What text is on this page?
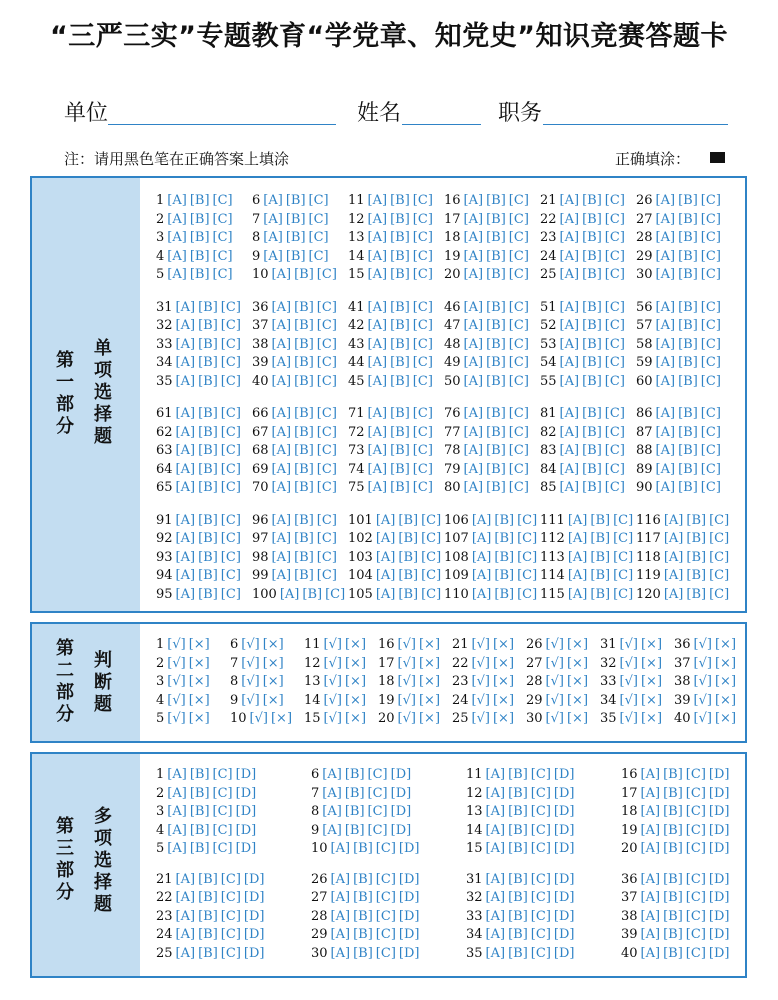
“三严三实”专题教育“学党章、知党史”知识竞赛答题卡
单位	姓名	职务
注：请用黑色笔在正确答案上填涂	正确填涂：
第一部分
单项选择题
1 [A] [B] [C]
2 [A] [B] [C]
3 [A] [B] [C]
4 [A] [B] [C]
5 [A] [B] [C]
6 [A] [B] [C]
7 [A] [B] [C]
8 [A] [B] [C]
9 [A] [B] [C]
10 [A] [B] [C]
11 [A] [B] [C]
12 [A] [B] [C]
13 [A] [B] [C]
14 [A] [B] [C]
15 [A] [B] [C]
16 [A] [B] [C]
17 [A] [B] [C]
18 [A] [B] [C]
19 [A] [B] [C]
20 [A] [B] [C]
21 [A] [B] [C]
22 [A] [B] [C]
23 [A] [B] [C]
24 [A] [B] [C]
25 [A] [B] [C]
26 [A] [B] [C]
27 [A] [B] [C]
28 [A] [B] [C]
29 [A] [B] [C]
30 [A] [B] [C]
31 [A] [B] [C]
32 [A] [B] [C]
33 [A] [B] [C]
34 [A] [B] [C]
35 [A] [B] [C]
36 [A] [B] [C]
37 [A] [B] [C]
38 [A] [B] [C]
39 [A] [B] [C]
40 [A] [B] [C]
41 [A] [B] [C]
42 [A] [B] [C]
43 [A] [B] [C]
44 [A] [B] [C]
45 [A] [B] [C]
46 [A] [B] [C]
47 [A] [B] [C]
48 [A] [B] [C]
49 [A] [B] [C]
50 [A] [B] [C]
51 [A] [B] [C]
52 [A] [B] [C]
53 [A] [B] [C]
54 [A] [B] [C]
55 [A] [B] [C]
56 [A] [B] [C]
57 [A] [B] [C]
58 [A] [B] [C]
59 [A] [B] [C]
60 [A] [B] [C]
61 [A] [B] [C]
62 [A] [B] [C]
63 [A] [B] [C]
64 [A] [B] [C]
65 [A] [B] [C]
66 [A] [B] [C]
67 [A] [B] [C]
68 [A] [B] [C]
69 [A] [B] [C]
70 [A] [B] [C]
71 [A] [B] [C]
72 [A] [B] [C]
73 [A] [B] [C]
74 [A] [B] [C]
75 [A] [B] [C]
76 [A] [B] [C]
77 [A] [B] [C]
78 [A] [B] [C]
79 [A] [B] [C]
80 [A] [B] [C]
81 [A] [B] [C]
82 [A] [B] [C]
83 [A] [B] [C]
84 [A] [B] [C]
85 [A] [B] [C]
86 [A] [B] [C]
87 [A] [B] [C]
88 [A] [B] [C]
89 [A] [B] [C]
90 [A] [B] [C]
91 [A] [B] [C]
92 [A] [B] [C]
93 [A] [B] [C]
94 [A] [B] [C]
95 [A] [B] [C]
96 [A] [B] [C]
97 [A] [B] [C]
98 [A] [B] [C]
99 [A] [B] [C]
100 [A] [B] [C]
101 [A] [B] [C]
102 [A] [B] [C]
103 [A] [B] [C]
104 [A] [B] [C]
105 [A] [B] [C]
106 [A] [B] [C]
107 [A] [B] [C]
108 [A] [B] [C]
109 [A] [B] [C]
110 [A] [B] [C]
111 [A] [B] [C]
112 [A] [B] [C]
113 [A] [B] [C]
114 [A] [B] [C]
115 [A] [B] [C]
116 [A] [B] [C]
117 [A] [B] [C]
118 [A] [B] [C]
119 [A] [B] [C]
120 [A] [B] [C]
第二部分
判断题
1 [√] [×]
2 [√] [×]
3 [√] [×]
4 [√] [×]
5 [√] [×]
6 [√] [×]
7 [√] [×]
8 [√] [×]
9 [√] [×]
10 [√] [×]
11 [√] [×]
12 [√] [×]
13 [√] [×]
14 [√] [×]
15 [√] [×]
16 [√] [×]
17 [√] [×]
18 [√] [×]
19 [√] [×]
20 [√] [×]
21 [√] [×]
22 [√] [×]
23 [√] [×]
24 [√] [×]
25 [√] [×]
26 [√] [×]
27 [√] [×]
28 [√] [×]
29 [√] [×]
30 [√] [×]
31 [√] [×]
32 [√] [×]
33 [√] [×]
34 [√] [×]
35 [√] [×]
36 [√] [×]
37 [√] [×]
38 [√] [×]
39 [√] [×]
40 [√] [×]
第三部分
多项选择题
1 [A] [B] [C] [D]
2 [A] [B] [C] [D]
3 [A] [B] [C] [D]
4 [A] [B] [C] [D]
5 [A] [B] [C] [D]
6 [A] [B] [C] [D]
7 [A] [B] [C] [D]
8 [A] [B] [C] [D]
9 [A] [B] [C] [D]
10 [A] [B] [C] [D]
11 [A] [B] [C] [D]
12 [A] [B] [C] [D]
13 [A] [B] [C] [D]
14 [A] [B] [C] [D]
15 [A] [B] [C] [D]
16 [A] [B] [C] [D]
17 [A] [B] [C] [D]
18 [A] [B] [C] [D]
19 [A] [B] [C] [D]
20 [A] [B] [C] [D]
21 [A] [B] [C] [D]
22 [A] [B] [C] [D]
23 [A] [B] [C] [D]
24 [A] [B] [C] [D]
25 [A] [B] [C] [D]
26 [A] [B] [C] [D]
27 [A] [B] [C] [D]
28 [A] [B] [C] [D]
29 [A] [B] [C] [D]
30 [A] [B] [C] [D]
31 [A] [B] [C] [D]
32 [A] [B] [C] [D]
33 [A] [B] [C] [D]
34 [A] [B] [C] [D]
35 [A] [B] [C] [D]
36 [A] [B] [C] [D]
37 [A] [B] [C] [D]
38 [A] [B] [C] [D]
39 [A] [B] [C] [D]
40 [A] [B] [C] [D]
